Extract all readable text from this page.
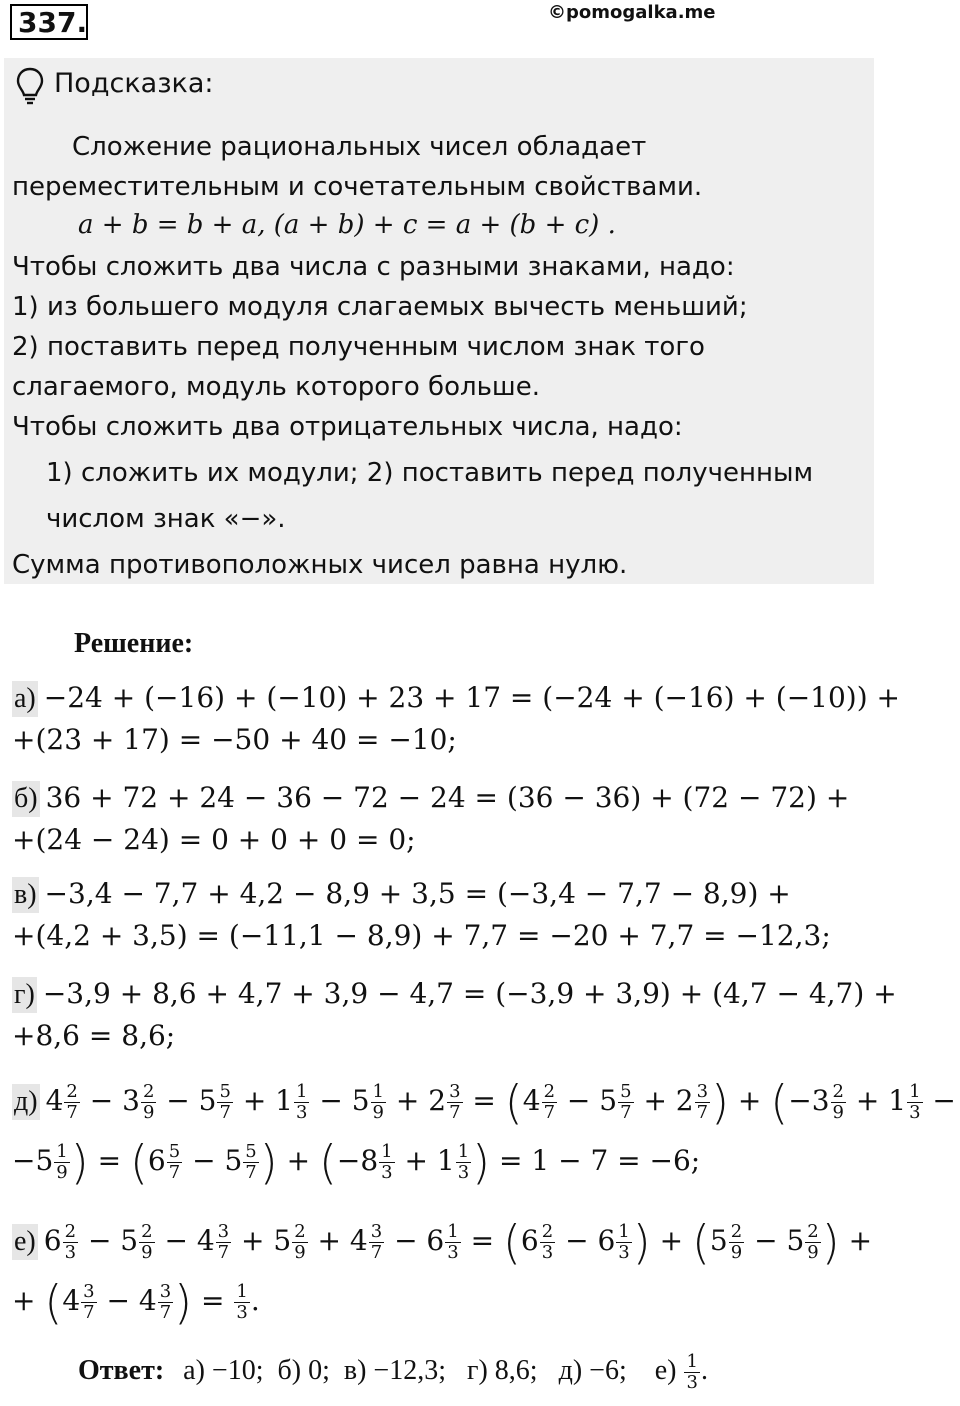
337.	©pomogalka.me
Подсказка:
Сложение рациональных чисел обладает
переместительным и сочетательным свойствами.
a + b = b + a, (a + b) + c = a + (b + c) .
Чтобы сложить два числа с разными знаками, надо:
1) из большего модуля слагаемых вычесть меньший;
2) поставить перед полученным числом знак того
слагаемого, модуль которого больше.
Чтобы сложить два отрицательных числа, надо:
1) сложить их модули; 2) поставить перед полученным
числом знак «−».
Сумма противоположных чисел равна нулю.
Решение:
а) −24 + (−16) + (−10) + 23 + 17 = (−24 + (−16) + (−10)) +
+(23 + 17) = −50 + 40 = −10;
б) 36 + 72 + 24 − 36 − 72 − 24 = (36 − 36) + (72 − 72) +
+(24 − 24) = 0 + 0 + 0 = 0;
в) −3,4 − 7,7 + 4,2 − 8,9 + 3,5 = (−3,4 − 7,7 − 8,9) +
+(4,2 + 3,5) = (−11,1 − 8,9) + 7,7 = −20 + 7,7 = −12,3;
г) −3,9 + 8,6 + 4,7 + 3,9 − 4,7 = (−3,9 + 3,9) + (4,7 − 4,7) +
+8,6 = 8,6;
д) $4 \frac{2}{7} - 3 \frac{2}{9} - 5 \frac{5}{7} + 1 \frac{1}{3} - 5 \frac{1}{9} + 2 \frac{3}{7} = (4 \frac{2}{7} - 5 \frac{5}{7} + 2 \frac{3}{7}$ ) + ($-3 \frac{2}{9} + 1 \frac{1}{3}$ −
$-5 \frac{1}{9}$ ) = ($6 \frac{5}{7} - 5 \frac{5}{7}$ ) + ($-8 \frac{1}{3} + 1 \frac{1}{3}$ ) = 1 − 7 = −6;
е) $6 \frac{2}{3} - 5 \frac{2}{9} - 4 \frac{3}{7} + 5 \frac{2}{9} + 4 \frac{3}{7} - 6 \frac{1}{3} = (6 \frac{2}{3} - 6 \frac{1}{3}$ ) + ($5 \frac{2}{9} - 5 \frac{2}{9}$ ) +
+ ($4 \frac{3}{7} - 4 \frac{3}{7}$ ) = $\frac{1}{3}$ .
Ответ: а) −10; б) 0; в) −12,3; г) 8,6; д) −6; $е) \frac{1}{3}$ .
